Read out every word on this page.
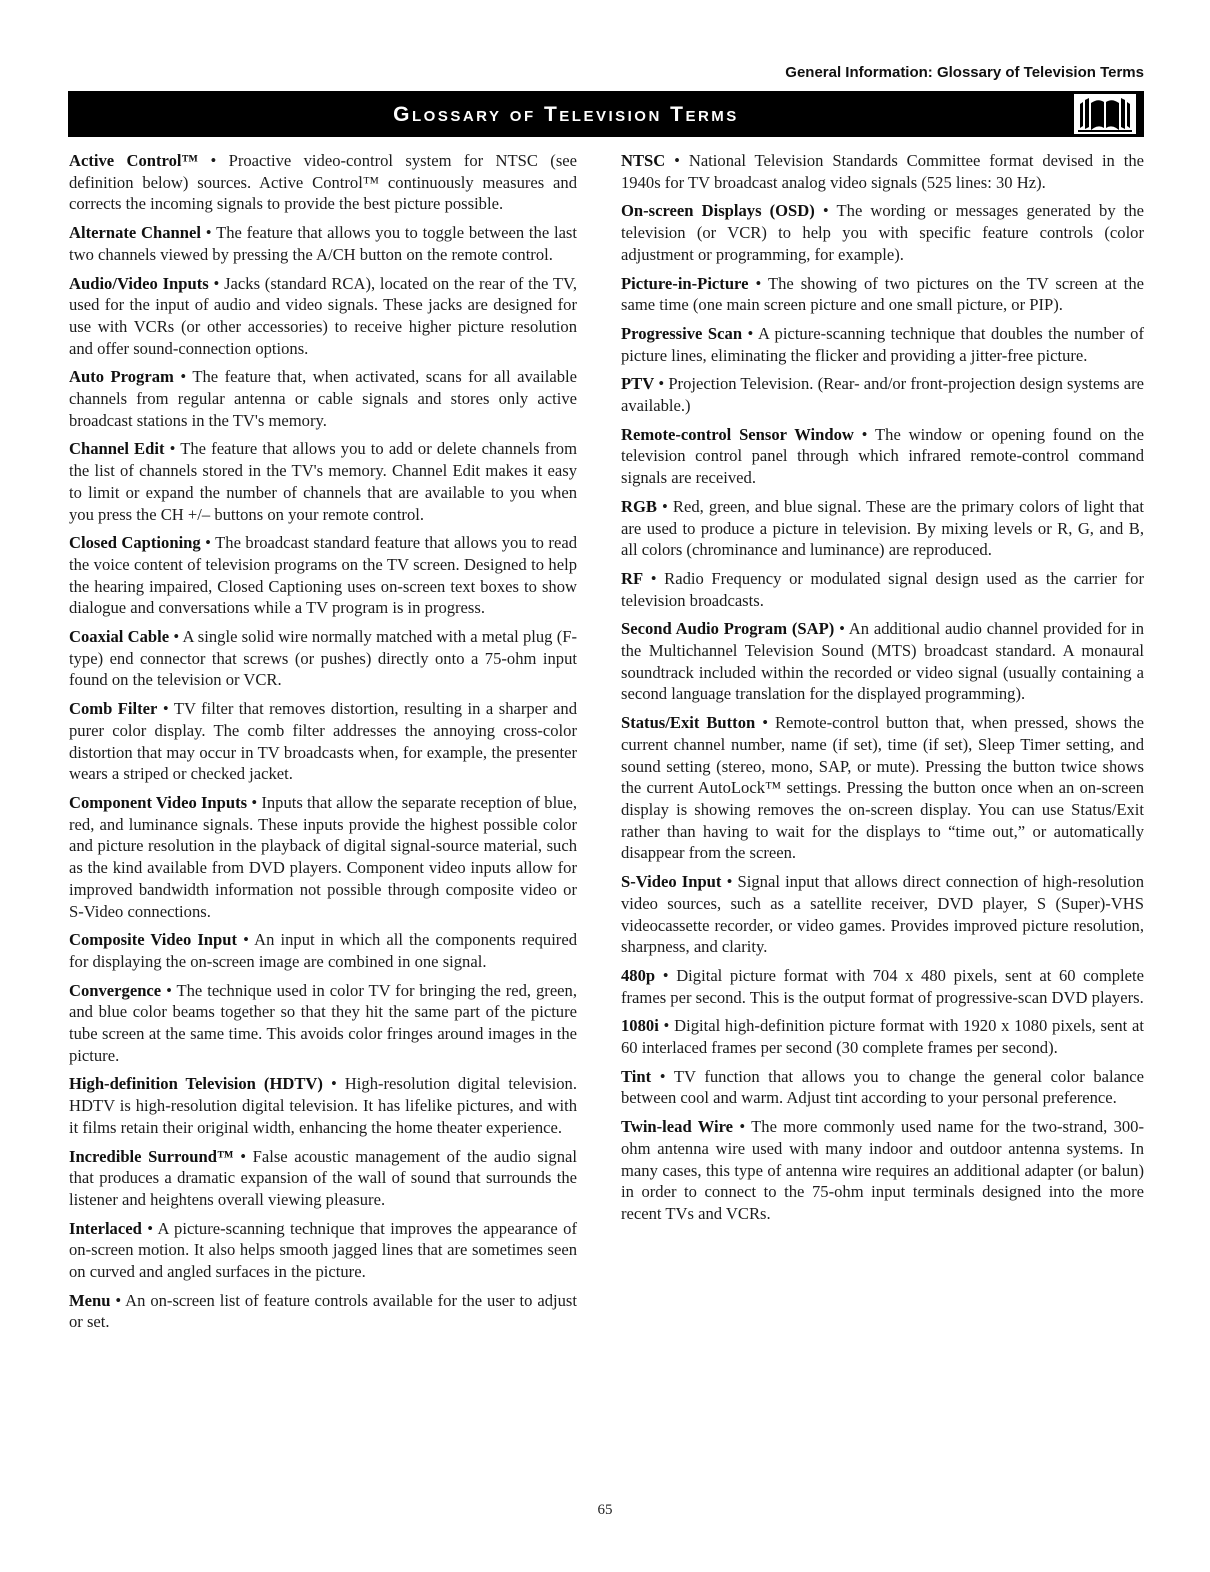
General Information: Glossary of Television Terms
Glossary of Television Terms

Active Control™ • Proactive video-control system for NTSC (see definition below) sources. Active Control™ continuously measures and corrects the incoming signals to provide the best picture possible.

Alternate Channel • The feature that allows you to toggle between the last two channels viewed by pressing the A/CH button on the remote control.

Audio/Video Inputs • Jacks (standard RCA), located on the rear of the TV, used for the input of audio and video signals. These jacks are designed for use with VCRs (or other accessories) to receive higher picture resolution and offer sound-connection options.

Auto Program • The feature that, when activated, scans for all available channels from regular antenna or cable signals and stores only active broadcast stations in the TV's memory.

Channel Edit • The feature that allows you to add or delete channels from the list of channels stored in the TV's memory. Channel Edit makes it easy to limit or expand the number of channels that are available to you when you press the CH +/– buttons on your remote control.

Closed Captioning • The broadcast standard feature that allows you to read the voice content of television programs on the TV screen. Designed to help the hearing impaired, Closed Captioning uses on-screen text boxes to show dialogue and conversations while a TV program is in progress.

Coaxial Cable • A single solid wire normally matched with a metal plug (F-type) end connector that screws (or pushes) directly onto a 75-ohm input found on the television or VCR.

Comb Filter • TV filter that removes distortion, resulting in a sharper and purer color display. The comb filter addresses the annoying cross-color distortion that may occur in TV broadcasts when, for example, the presenter wears a striped or checked jacket.

Component Video Inputs • Inputs that allow the separate reception of blue, red, and luminance signals. These inputs provide the highest possible color and picture resolution in the playback of digital signal-source material, such as the kind available from DVD players. Component video inputs allow for improved bandwidth information not possible through composite video or S-Video connections.

Composite Video Input • An input in which all the components required for displaying the on-screen image are combined in one signal.

Convergence • The technique used in color TV for bringing the red, green, and blue color beams together so that they hit the same part of the picture tube screen at the same time. This avoids color fringes around images in the picture.

High-definition Television (HDTV) • High-resolution digital television. HDTV is high-resolution digital television. It has lifelike pictures, and with it films retain their original width, enhancing the home theater experience.

Incredible Surround™ • False acoustic management of the audio signal that produces a dramatic expansion of the wall of sound that surrounds the listener and heightens overall viewing pleasure.

Interlaced • A picture-scanning technique that improves the appearance of on-screen motion. It also helps smooth jagged lines that are sometimes seen on curved and angled surfaces in the picture.

Menu • An on-screen list of feature controls available for the user to adjust or set.

NTSC • National Television Standards Committee format devised in the 1940s for TV broadcast analog video signals (525 lines: 30 Hz).

On-screen Displays (OSD) • The wording or messages generated by the television (or VCR) to help you with specific feature controls (color adjustment or programming, for example).

Picture-in-Picture • The showing of two pictures on the TV screen at the same time (one main screen picture and one small picture, or PIP).

Progressive Scan • A picture-scanning technique that doubles the number of picture lines, eliminating the flicker and providing a jitter-free picture.

PTV • Projection Television. (Rear- and/or front-projection design systems are available.)

Remote-control Sensor Window • The window or opening found on the television control panel through which infrared remote-control command signals are received.

RGB • Red, green, and blue signal. These are the primary colors of light that are used to produce a picture in television. By mixing levels or R, G, and B, all colors (chrominance and luminance) are reproduced.

RF • Radio Frequency or modulated signal design used as the carrier for television broadcasts.

Second Audio Program (SAP) • An additional audio channel provided for in the Multichannel Television Sound (MTS) broadcast standard. A monaural soundtrack included within the recorded or video signal (usually containing a second language translation for the displayed programming).

Status/Exit Button • Remote-control button that, when pressed, shows the current channel number, name (if set), time (if set), Sleep Timer setting, and sound setting (stereo, mono, SAP, or mute). Pressing the button twice shows the current AutoLock™ settings. Pressing the button once when an on-screen display is showing removes the on-screen display. You can use Status/Exit rather than having to wait for the displays to “time out,” or automatically disappear from the screen.

S-Video Input • Signal input that allows direct connection of high-resolution video sources, such as a satellite receiver, DVD player, S (Super)-VHS videocassette recorder, or video games. Provides improved picture resolution, sharpness, and clarity.

480p • Digital picture format with 704 x 480 pixels, sent at 60 complete frames per second. This is the output format of progressive-scan DVD players.

1080i • Digital high-definition picture format with 1920 x 1080 pixels, sent at 60 interlaced frames per second (30 complete frames per second).

Tint • TV function that allows you to change the general color balance between cool and warm. Adjust tint according to your personal preference.

Twin-lead Wire • The more commonly used name for the two-strand, 300-ohm antenna wire used with many indoor and outdoor antenna systems. In many cases, this type of antenna wire requires an additional adapter (or balun) in order to connect to the 75-ohm input terminals designed into the more recent TVs and VCRs.

65
